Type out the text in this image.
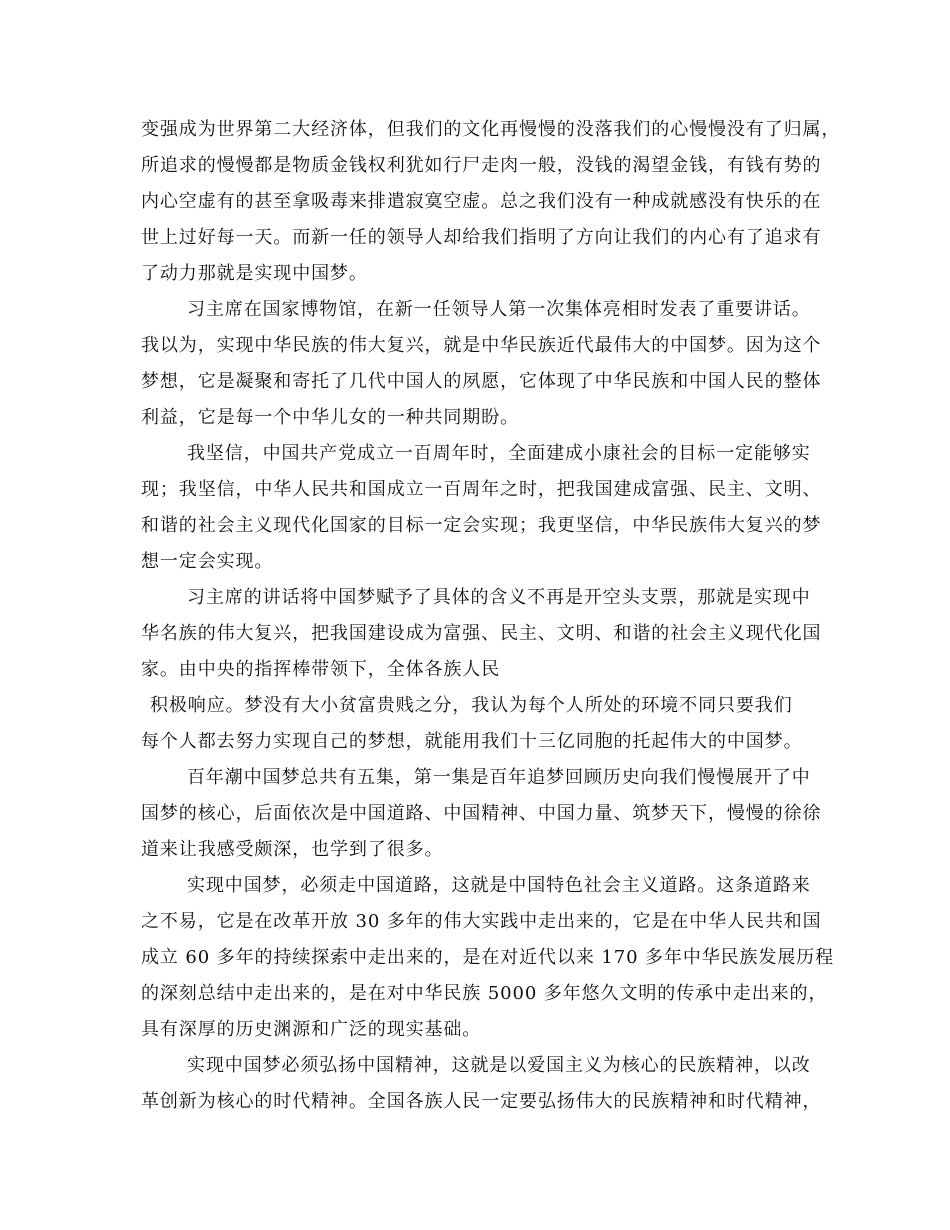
变强成为世界第二大经济体，但我们的文化再慢慢的没落我们的心慢慢没有了归属，

所追求的慢慢都是物质金钱权利犹如行尸走肉一般，没钱的渴望金钱，有钱有势的

内心空虚有的甚至拿吸毒来排遣寂寞空虚。总之我们没有一种成就感没有快乐的在

世上过好每一天。而新一任的领导人却给我们指明了方向让我们的内心有了追求有

了动力那就是实现中国梦。

习主席在国家博物馆，在新一任领导人第一次集体亮相时发表了重要讲话。

我以为，实现中华民族的伟大复兴，就是中华民族近代最伟大的中国梦。因为这个

梦想，它是凝聚和寄托了几代中国人的夙愿，它体现了中华民族和中国人民的整体

利益，它是每一个中华儿女的一种共同期盼。

我坚信，中国共产党成立一百周年时，全面建成小康社会的目标一定能够实

现；我坚信，中华人民共和国成立一百周年之时，把我国建成富强、民主、文明、

和谐的社会主义现代化国家的目标一定会实现；我更坚信，中华民族伟大复兴的梦

想一定会实现。

习主席的讲话将中国梦赋予了具体的含义不再是开空头支票，那就是实现中

华名族的伟大复兴，把我国建设成为富强、民主、文明、和谐的社会主义现代化国

家。由中央的指挥棒带领下，全体各族人民

积极响应。梦没有大小贫富贵贱之分，我认为每个人所处的环境不同只要我们

每个人都去努力实现自己的梦想，就能用我们十三亿同胞的托起伟大的中国梦。

百年潮中国梦总共有五集，第一集是百年追梦回顾历史向我们慢慢展开了中

国梦的核心，后面依次是中国道路、中国精神、中国力量、筑梦天下，慢慢的徐徐

道来让我感受颇深，也学到了很多。

实现中国梦，必须走中国道路，这就是中国特色社会主义道路。这条道路来

之不易，它是在改革开放 30 多年的伟大实践中走出来的，它是在中华人民共和国

成立 60 多年的持续探索中走出来的，是在对近代以来 170 多年中华民族发展历程

的深刻总结中走出来的，是在对中华民族 5000 多年悠久文明的传承中走出来的，

具有深厚的历史渊源和广泛的现实基础。

实现中国梦必须弘扬中国精神，这就是以爱国主义为核心的民族精神，以改

革创新为核心的时代精神。全国各族人民一定要弘扬伟大的民族精神和时代精神，
